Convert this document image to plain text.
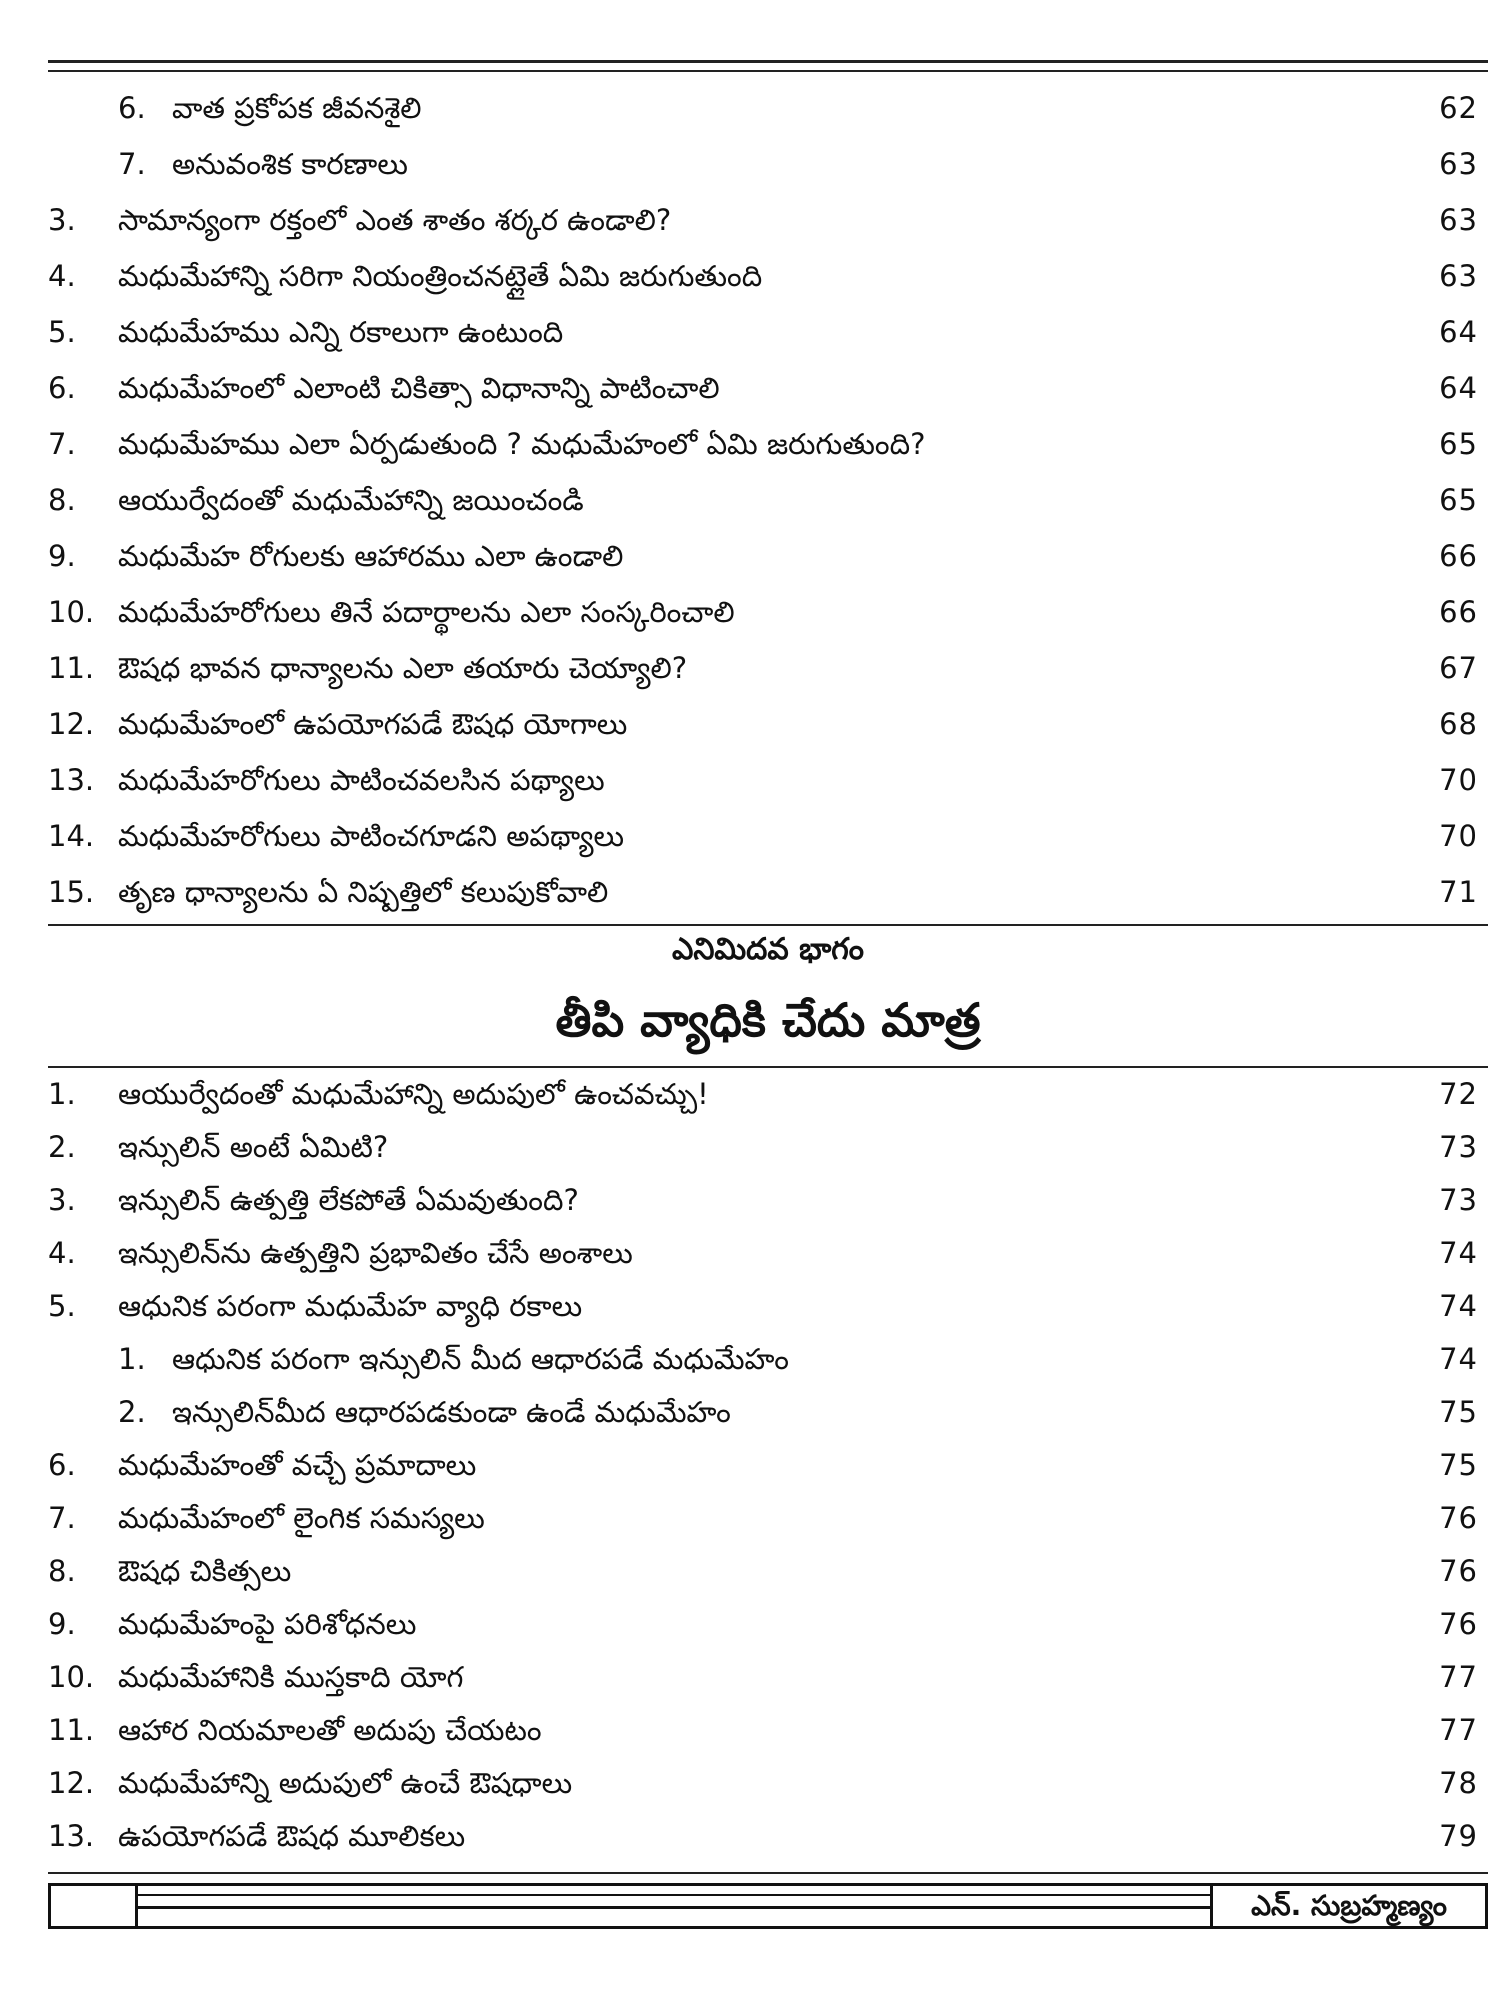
6. వాత ప్రకోపక జీవనశైలి	62
7. అనువంశిక కారణాలు	63
3. సామాన్యంగా రక్తంలో ఎంత శాతం శర్కర ఉండాలి?	63
4. మధుమేహాన్ని సరిగా నియంత్రించనట్లైతే ఏమి జరుగుతుంది	63
5. మధుమేహము ఎన్ని రకాలుగా ఉంటుంది	64
6. మధుమేహంలో ఎలాంటి చికిత్సా విధానాన్ని పాటించాలి	64
7. మధుమేహము ఎలా ఏర్పడుతుంది ? మధుమేహంలో ఏమి జరుగుతుంది?	65
8. ఆయుర్వేదంతో మధుమేహాన్ని జయించండి	65
9. మధుమేహ రోగులకు ఆహారము ఎలా ఉండాలి	66
10. మధుమేహరోగులు తినే పదార్థాలను ఎలా సంస్కరించాలి	66
11. ఔషధ భావన ధాన్యాలను ఎలా తయారు చెయ్యాలి?	67
12. మధుమేహంలో ఉపయోగపడే ఔషధ యోగాలు	68
13. మధుమేహరోగులు పాటించవలసిన పథ్యాలు	70
14. మధుమేహరోగులు పాటించగూడని అపథ్యాలు	70
15. తృణ ధాన్యాలను ఏ నిష్పత్తిలో కలుపుకోవాలి	71
ఎనిమిదవ భాగం
తీపి వ్యాధికి చేదు మాత్ర
1. ఆయుర్వేదంతో మధుమేహాన్ని అదుపులో ఉంచవచ్చు!	72
2. ఇన్సులిన్ అంటే ఏమిటి?	73
3. ఇన్సులిన్ ఉత్పత్తి లేకపోతే ఏమవుతుంది?	73
4. ఇన్సులిన్‌ను ఉత్పత్తిని ప్రభావితం చేసే అంశాలు	74
5. ఆధునిక పరంగా మధుమేహ వ్యాధి రకాలు	74
1. ఆధునిక పరంగా ఇన్సులిన్ మీద ఆధారపడే మధుమేహం	74
2. ఇన్సులిన్‌మీద ఆధారపడకుండా ఉండే మధుమేహం	75
6. మధుమేహంతో వచ్చే ప్రమాదాలు	75
7. మధుమేహంలో లైంగిక సమస్యలు	76
8. ఔషధ చికిత్సలు	76
9. మధుమేహంపై పరిశోధనలు	76
10. మధుమేహానికి ముస్తకాది యోగ	77
11. ఆహార నియమాలతో అదుపు చేయటం	77
12. మధుమేహాన్ని అదుపులో ఉంచే ఔషధాలు	78
13. ఉపయోగపడే ఔషధ మూలికలు	79
ఎన్. సుబ్రహ్మణ్యం
